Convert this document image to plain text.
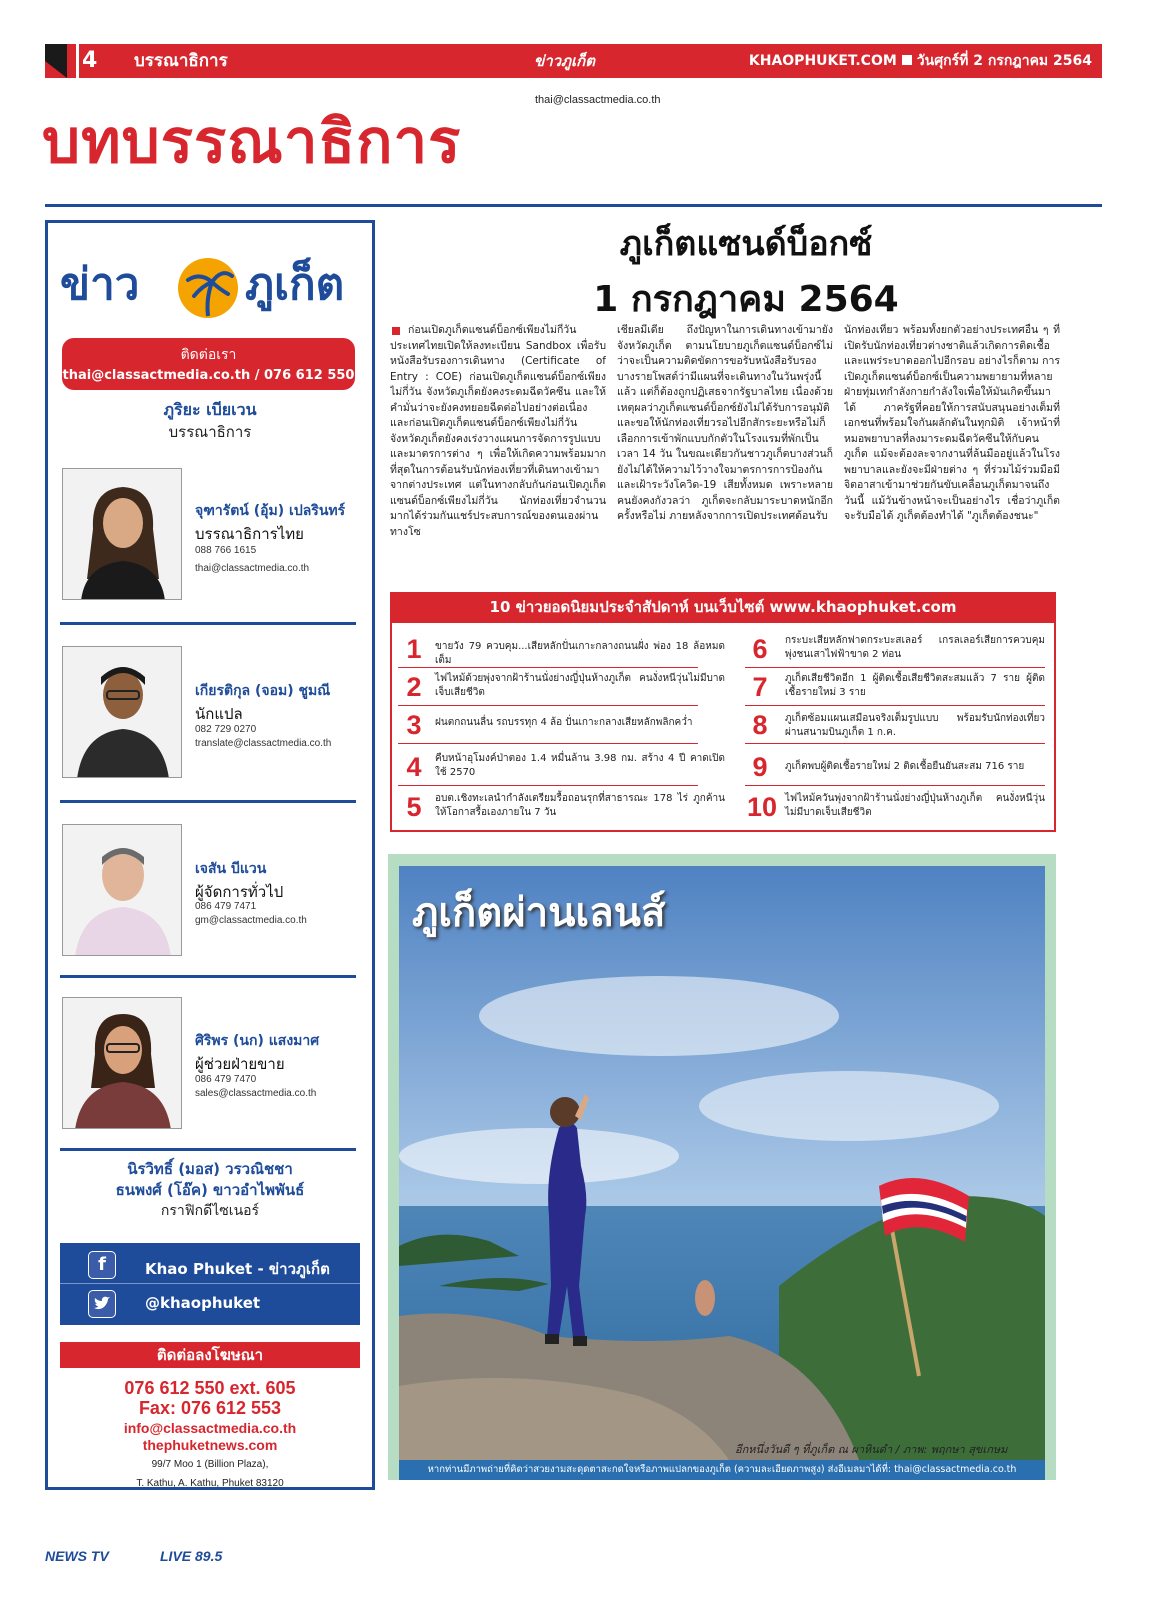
4	บรรณาธิการ	ข่าวภูเก็ต	KHAOPHUKET.COM วันศุกร์ที่ 2 กรกฎาคม 2564
บทบรรณาธิการ
thai@classactmedia.co.th
ข่าว ภูเก็ต
ติดต่อเรา
thai@classactmedia.co.th / 076 612 550
ภูริยะ เบียเวน
บรรณาธิการ
จุฑารัตน์ (อุ้ม) เปลรินทร์
บรรณาธิการไทย
088 766 1615
thai@classactmedia.co.th
เกียรติกุล (จอม) ชูมณี
นักแปล
082 729 0270
translate@classactmedia.co.th
เจสัน บีแวน
ผู้จัดการทั่วไป
086 479 7471
gm@classactmedia.co.th
ศิริพร (นก) แสงมาศ
ผู้ช่วยฝ่ายขาย
086 479 7470
sales@classactmedia.co.th
นิรวิทธิ์ (มอส) วรวณิชชา
ธนพงศ์ (โอ๊ค) ขาวอำไพพันธ์
กราฟิกดีไซเนอร์
f	Khao Phuket - ข่าวภูเก็ต
@khaophuket
ติดต่อลงโฆษณา
076 612 550 ext. 605
Fax: 076 612 553
info@classactmedia.co.th
thephuketnews.com
99/7 Moo 1 (Billion Plaza),
T. Kathu, A. Kathu, Phuket 83120
NEWS TV	LIVE 89.5
ภูเก็ตแซนด์บ็อกซ์
1 กรกฎาคม 2564
ก่อนเปิดภูเก็ตแซนด์บ็อกซ์เพียงไม่กี่วัน ประเทศไทยเปิดให้ลงทะเบียน Sandbox เพื่อรับหนังสือรับรองการเดินทาง (Certificate of Entry : COE) ก่อนเปิดภูเก็ตแซนด์บ็อกซ์เพียงไม่กี่วัน จังหวัดภูเก็ตยังคงระดมฉีดวัคซีน และให้คำมั่นว่าจะยังคงทยอยฉีดต่อไปอย่างต่อเนื่อง และก่อนเปิดภูเก็ตแซนด์บ็อกซ์เพียงไม่กี่วัน จังหวัดภูเก็ตยังคงเร่งวางแผนการจัดการรูปแบบและมาตรการต่าง ๆ เพื่อให้เกิดความพร้อมมากที่สุดในการต้อนรับนักท่องเที่ยวที่เดินทางเข้ามาจากต่างประเทศ แต่ในทางกลับกันก่อนเปิดภูเก็ตแซนด์บ็อกซ์เพียงไม่กี่วัน นักท่องเที่ยวจำนวนมากได้ร่วมกันแชร์ประสบการณ์ของตนเองผ่านทางโซ
เชียลมีเดีย ถึงปัญหาในการเดินทางเข้ามายังจังหวัดภูเก็ต ตามนโยบายภูเก็ตแซนด์บ็อกซ์ไม่ว่าจะเป็นความติดขัดการขอรับหนังสือรับรอง บางรายโพสต์ว่ามีแผนที่จะเดินทางในวันพรุ่งนี้แล้ว แต่ก็ต้องถูกปฏิเสธจากรัฐบาลไทย เนื่องด้วยเหตุผลว่าภูเก็ตแซนด์บ็อกซ์ยังไม่ได้รับการอนุมัติ และขอให้นักท่องเที่ยวรอไปอีกสักระยะหรือไม่ก็เลือกการเข้าพักแบบกักตัวในโรงแรมที่พักเป็นเวลา 14 วัน ในขณะเดียวกันชาวภูเก็ตบางส่วนก็ยังไม่ได้ให้ความไว้วางใจมาตรการการป้องกันและเฝ้าระวังโควิด-19 เสียทั้งหมด เพราะหลายคนยังคงกังวลว่า ภูเก็ตจะกลับมาระบาดหนักอีกครั้งหรือไม่ ภายหลังจากการเปิดประเทศต้อนรับ
นักท่องเที่ยว พร้อมทั้งยกตัวอย่างประเทศอื่น ๆ ที่เปิดรับนักท่องเที่ยวต่างชาติแล้วเกิดการติดเชื้อและแพร่ระบาดออกไปอีกรอบ อย่างไรก็ตาม การเปิดภูเก็ตแซนด์บ็อกซ์เป็นความพยายามที่หลายฝ่ายทุ่มเทกำลังกายกำลังใจเพื่อให้มันเกิดขึ้นมาได้ ภาครัฐที่คอยให้การสนับสนุนอย่างเต็มที่ เอกชนที่พร้อมใจกันผลักดันในทุกมิติ เจ้าหน้าที่หมอพยาบาลที่ลงมาระดมฉีดวัคซีนให้กับคนภูเก็ต แม้จะต้องละจากงานที่ล้นมืออยู่แล้วในโรงพยาบาลและยังจะมีฝ่ายต่าง ๆ ที่ร่วมไม้ร่วมมือมีจิตอาสาเข้ามาช่วยกันขับเคลื่อนภูเก็ตมาจนถึงวันนี้ แม้วันข้างหน้าจะเป็นอย่างไร เชื่อว่าภูเก็ตจะรับมือได้ ภูเก็ตต้องทำได้ "ภูเก็ตต้องชนะ"
10 ข่าวยอดนิยมประจำสัปดาห์ บนเว็บไซต์ www.khaophuket.com
1	ขายวัง 79 ควบคุม...เสียหลักปั่นเกาะกลางถนนฝั่ง พ่อง 18 ล้อหมดเต็ม
2	ไฟไหม้ด้วยพุ่งจากฝ้าร้านนั่งย่างญี่ปุ่นห้างภูเก็ต คนงั่งหนีวุ่นไม่มีบาดเจ็บเสียชีวิต
3	ฝนตกถนนลื่น รถบรรทุก 4 ล้อ ปั่นเกาะกลางเสียหลักพลิกคว่ำ
4	คืบหน้าอุโมงค์ป่าตอง 1.4 หมื่นล้าน 3.98 กม. สร้าง 4 ปี คาดเปิดใช้ 2570
5	อบต.เชิงทะเลนำกำลังเตรียมรื้อถอนรุกที่สาธารณะ 178 ไร่ ภูกค้าน ให้โอกาสรื้อเองภายใน 7 วัน
6	กระบะเสียหลักฟาดกระบะสเลอร์ เกรลเลอร์เสียการควบคุม พุ่งชนเสาไฟฟ้าขาด 2 ท่อน
7	ภูเก็ตเสียชีวิตอีก 1 ผู้ติดเชื้อเสียชีวิตสะสมแล้ว 7 ราย ผู้ติดเชื้อรายใหม่ 3 ราย
8	ภูเก็ตซ้อมแผนเสมือนจริงเต็มรูปแบบ พร้อมรับนักท่องเที่ยวผ่านสนามบินภูเก็ต 1 ก.ค.
9	ภูเก็ตพบผู้ติดเชื้อรายใหม่ 2 ติดเชื้อยืนยันสะสม 716 ราย
10 ไฟไหม้ควันพุ่งจากฝ้าร้านนั่งย่างญี่ปุ่นห้างภูเก็ต คนงั่งหนีวุ่นไม่มีบาดเจ็บเสียชีวิต
ภูเก็ตผ่านเลนส์
อีกหนึ่งวันดี ๆ ที่ภูเก็ต ณ ผาหินดำ / ภาพ: พฤกษา สุขเกษม
หากท่านมีภาพถ่ายที่คิดว่าสวยงามสะดุดตาสะกดใจหรือภาพแปลกของภูเก็ต (ความละเอียดภาพสูง) ส่งอีเมลมาได้ที่: thai@classactmedia.co.th
